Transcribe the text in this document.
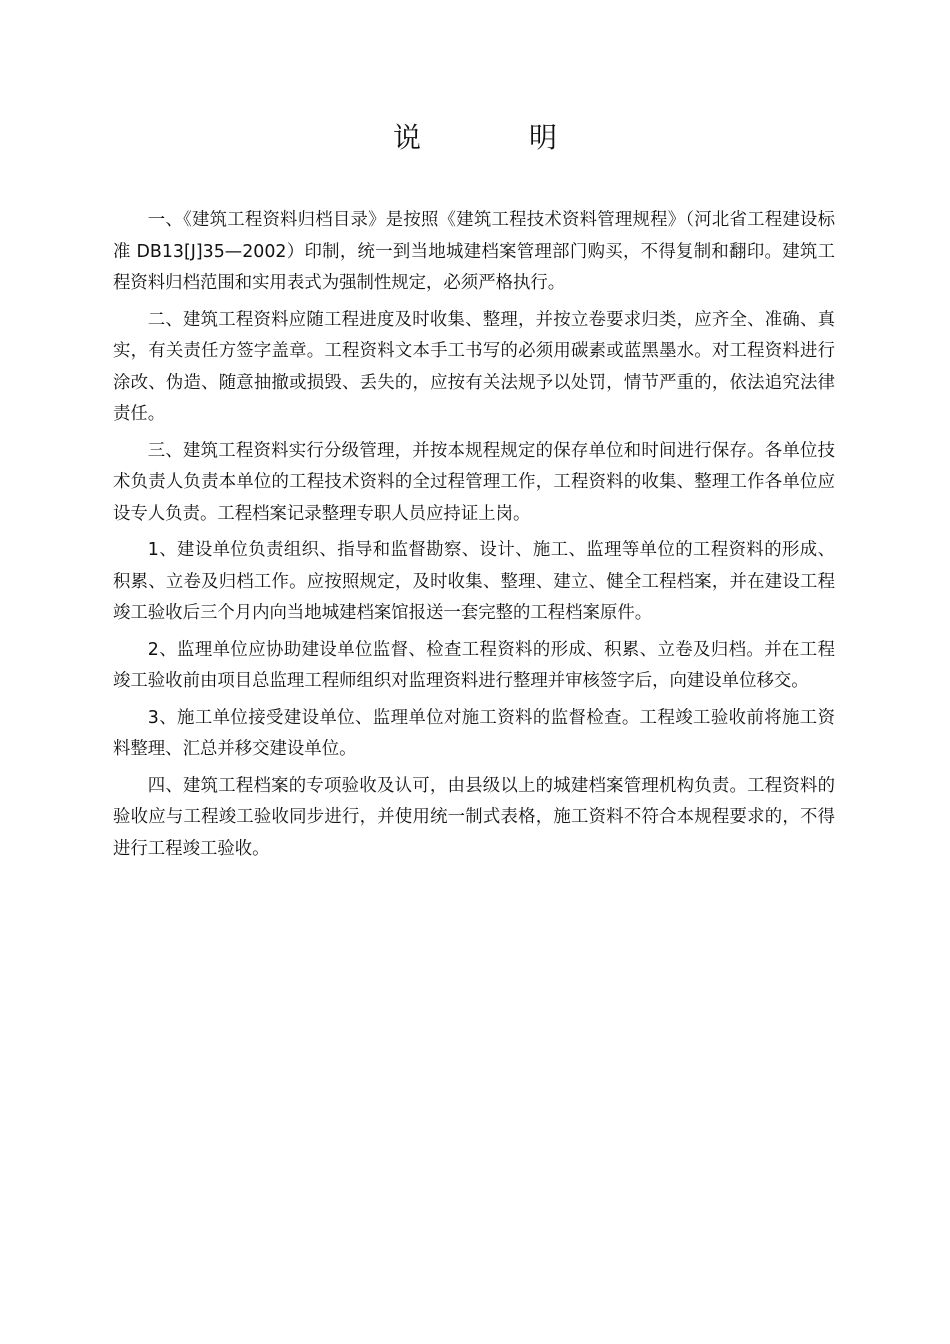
说　明

一、《建筑工程资料归档目录》是按照《建筑工程技术资料管理规程》（河北省工程建设标准 DB13[J]35—2002）印制，统一到当地城建档案管理部门购买，不得复制和翻印。建筑工程资料归档范围和实用表式为强制性规定，必须严格执行。

二、建筑工程资料应随工程进度及时收集、整理，并按立卷要求归类，应齐全、准确、真实，有关责任方签字盖章。工程资料文本手工书写的必须用碳素或蓝黑墨水。对工程资料进行涂改、伪造、随意抽撤或损毁、丢失的，应按有关法规予以处罚，情节严重的，依法追究法律责任。

三、建筑工程资料实行分级管理，并按本规程规定的保存单位和时间进行保存。各单位技术负责人负责本单位的工程技术资料的全过程管理工作，工程资料的收集、整理工作各单位应设专人负责。工程档案记录整理专职人员应持证上岗。

1、建设单位负责组织、指导和监督勘察、设计、施工、监理等单位的工程资料的形成、积累、立卷及归档工作。应按照规定，及时收集、整理、建立、健全工程档案，并在建设工程竣工验收后三个月内向当地城建档案馆报送一套完整的工程档案原件。

2、监理单位应协助建设单位监督、检查工程资料的形成、积累、立卷及归档。并在工程竣工验收前由项目总监理工程师组织对监理资料进行整理并审核签字后，向建设单位移交。

3、施工单位接受建设单位、监理单位对施工资料的监督检查。工程竣工验收前将施工资料整理、汇总并移交建设单位。

四、建筑工程档案的专项验收及认可，由县级以上的城建档案管理机构负责。工程资料的验收应与工程竣工验收同步进行，并使用统一制式表格，施工资料不符合本规程要求的，不得进行工程竣工验收。
